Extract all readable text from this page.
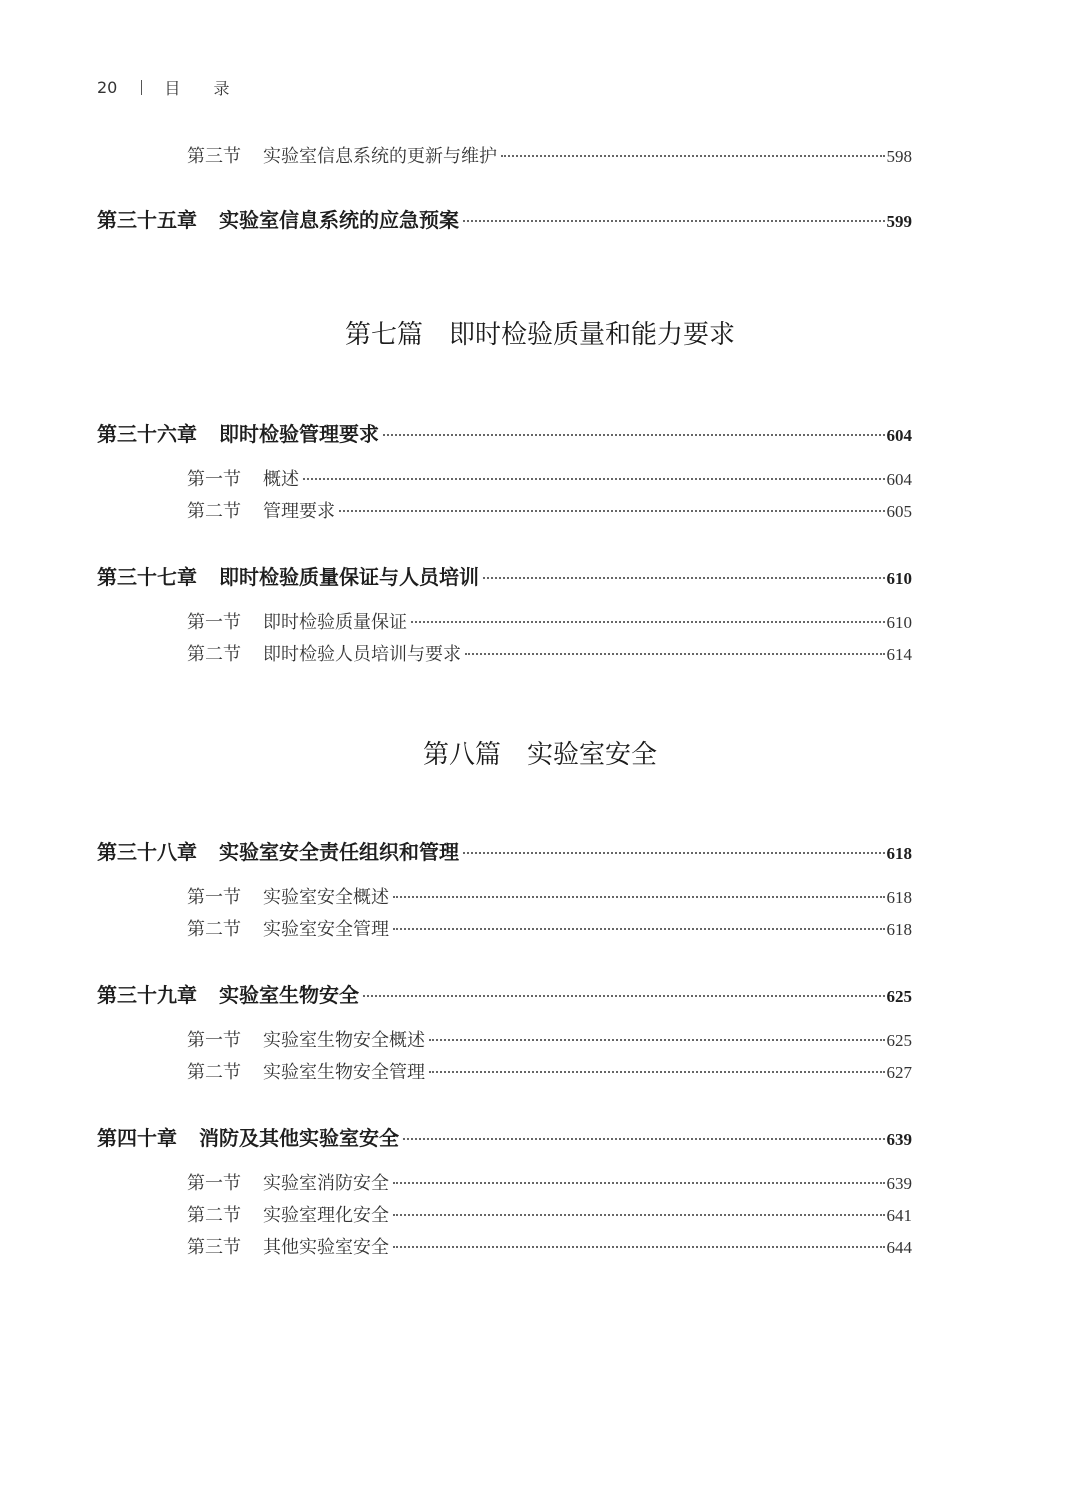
20	目 录
第三节 实验室信息系统的更新与维护	598
第三十五章 实验室信息系统的应急预案	599
第七篇 即时检验质量和能力要求
第三十六章 即时检验管理要求	604
第一节 概述	604
第二节 管理要求	605
第三十七章 即时检验质量保证与人员培训	610
第一节 即时检验质量保证	610
第二节 即时检验人员培训与要求	614
第八篇 实验室安全
第三十八章 实验室安全责任组织和管理	618
第一节 实验室安全概述	618
第二节 实验室安全管理	618
第三十九章 实验室生物安全	625
第一节 实验室生物安全概述	625
第二节 实验室生物安全管理	627
第四十章 消防及其他实验室安全	639
第一节 实验室消防安全	639
第二节 实验室理化安全	641
第三节 其他实验室安全	644
